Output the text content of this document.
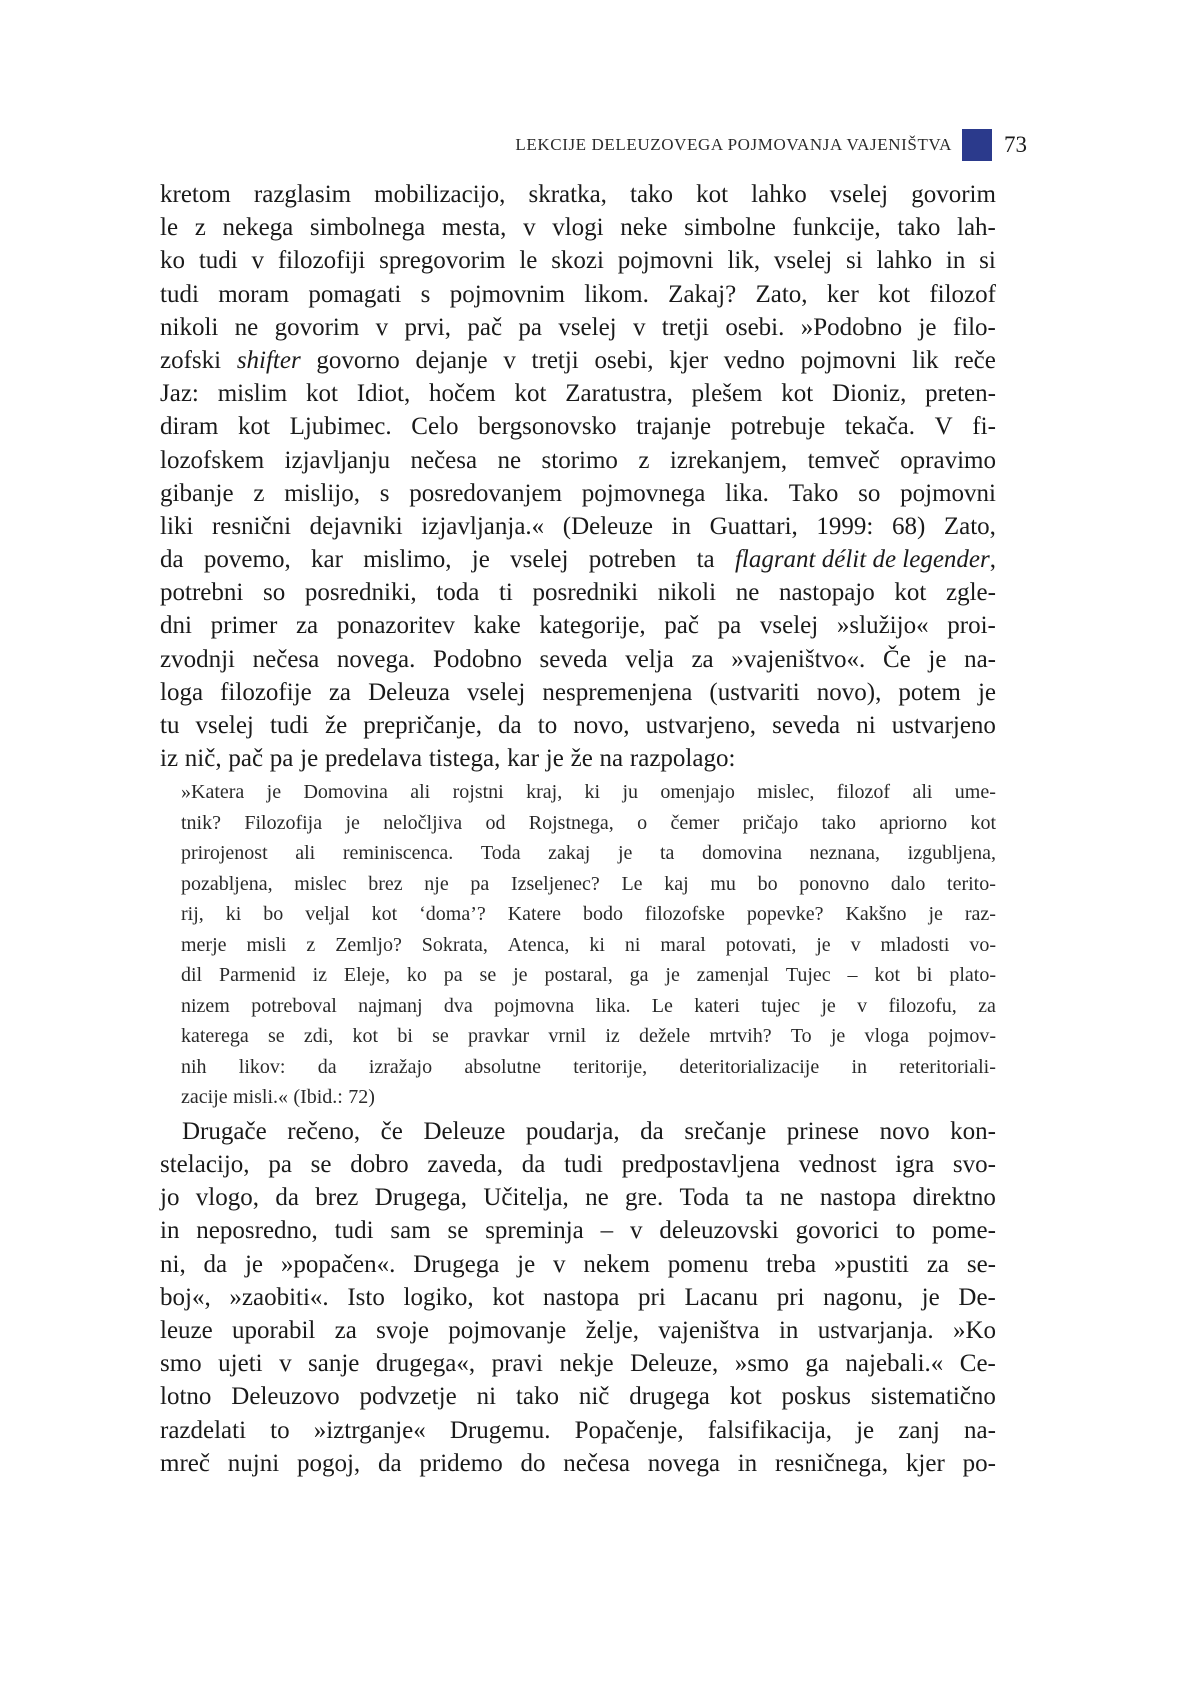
LEKCIJE DELEUZOVEGA POJMOVANJA VAJENIŠTVA 73
kretom razglasim mobilizacijo, skratka, tako kot lahko vselej govorim
le z nekega simbolnega mesta, v vlogi neke simbolne funkcije, tako lah-
ko tudi v filozofiji spregovorim le skozi pojmovni lik, vselej si lahko in si
tudi moram pomagati s pojmovnim likom. Zakaj? Zato, ker kot filozof
nikoli ne govorim v prvi, pač pa vselej v tretji osebi. »Podobno je filo-
zofski shifter govorno dejanje v tretji osebi, kjer vedno pojmovni lik reče
Jaz: mislim kot Idiot, hočem kot Zaratustra, plešem kot Dioniz, preten-
diram kot Ljubimec. Celo bergsonovsko trajanje potrebuje tekača. V fi-
lozofskem izjavljanju nečesa ne storimo z izrekanjem, temveč opravimo
gibanje z mislijo, s posredovanjem pojmovnega lika. Tako so pojmovni
liki resnični dejavniki izjavljanja.« (Deleuze in Guattari, 1999: 68) Zato,
da povemo, kar mislimo, je vselej potreben ta flagrant délit de legender,
potrebni so posredniki, toda ti posredniki nikoli ne nastopajo kot zgle-
dni primer za ponazoritev kake kategorije, pač pa vselej »služijo« proi-
zvodnji nečesa novega. Podobno seveda velja za »vajeništvo«. Če je na-
loga filozofije za Deleuza vselej nespremenjena (ustvariti novo), potem je
tu vselej tudi že prepričanje, da to novo, ustvarjeno, seveda ni ustvarjeno
iz nič, pač pa je predelava tistega, kar je že na razpolago:
»Katera je Domovina ali rojstni kraj, ki ju omenjajo mislec, filozof ali ume-
tnik? Filozofija je neločljiva od Rojstnega, o čemer pričajo tako apriorno kot
prirojenost ali reminiscenca. Toda zakaj je ta domovina neznana, izgubljena,
pozabljena, mislec brez nje pa Izseljenec? Le kaj mu bo ponovno dalo terito-
rij, ki bo veljal kot ‘doma’? Katere bodo filozofske popevke? Kakšno je raz-
merje misli z Zemljo? Sokrata, Atenca, ki ni maral potovati, je v mladosti vo-
dil Parmenid iz Eleje, ko pa se je postaral, ga je zamenjal Tujec – kot bi plato-
nizem potreboval najmanj dva pojmovna lika. Le kateri tujec je v filozofu, za
katerega se zdi, kot bi se pravkar vrnil iz dežele mrtvih? To je vloga pojmov-
nih likov: da izražajo absolutne teritorije, deteritorializacije in reteritoriali-
zacije misli.« (Ibid.: 72)
Drugače rečeno, če Deleuze poudarja, da srečanje prinese novo kon-
stelacijo, pa se dobro zaveda, da tudi predpostavljena vednost igra svo-
jo vlogo, da brez Drugega, Učitelja, ne gre. Toda ta ne nastopa direktno
in neposredno, tudi sam se spreminja – v deleuzovski govorici to pome-
ni, da je »popačen«. Drugega je v nekem pomenu treba »pustiti za se-
boj«, »zaobiti«. Isto logiko, kot nastopa pri Lacanu pri nagonu, je De-
leuze uporabil za svoje pojmovanje želje, vajeništva in ustvarjanja. »Ko
smo ujeti v sanje drugega«, pravi nekje Deleuze, »smo ga najebali.« Ce-
lotno Deleuzovo podvzetje ni tako nič drugega kot poskus sistematično
razdelati to »iztrganje« Drugemu. Popačenje, falsifikacija, je zanj na-
mreč nujni pogoj, da pridemo do nečesa novega in resničnega, kjer po-
